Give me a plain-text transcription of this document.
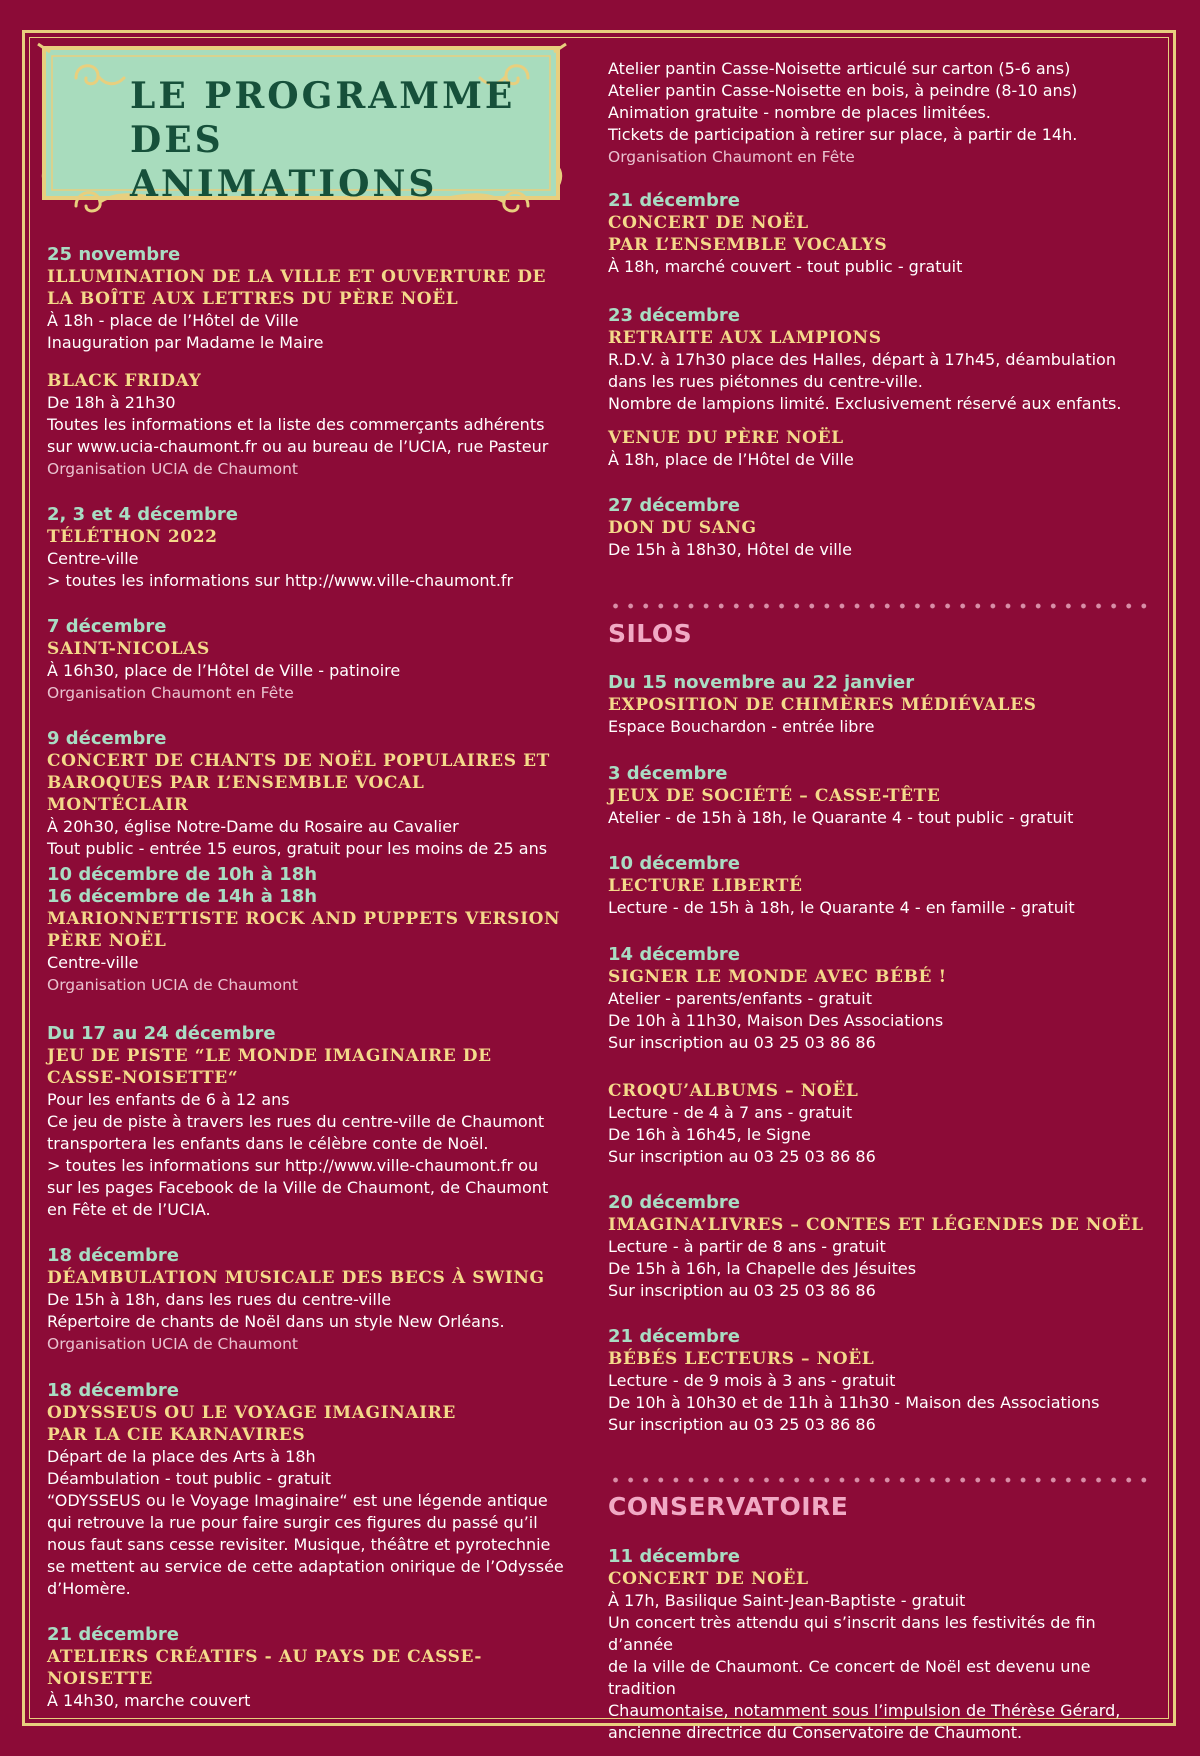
LE PROGRAMME
DES ANIMATIONS

25 novembre

ILLUMINATION DE LA VILLE ET OUVERTURE DE

LA BOÎTE AUX LETTRES DU PÈRE NOËL

À 18h - place de l’Hôtel de Ville

Inauguration par Madame le Maire

BLACK FRIDAY

De 18h à 21h30

Toutes les informations et la liste des commerçants adhérents

sur www.ucia-chaumont.fr ou au bureau de l’UCIA, rue Pasteur

Organisation UCIA de Chaumont

2, 3 et 4 décembre

TÉLÉTHON 2022

Centre-ville

> toutes les informations sur http://www.ville-chaumont.fr

7 décembre

SAINT-NICOLAS

À 16h30, place de l’Hôtel de Ville - patinoire

Organisation Chaumont en Fête

9 décembre

CONCERT DE CHANTS DE NOËL POPULAIRES ET

BAROQUES PAR L’ENSEMBLE VOCAL MONTÉCLAIR

À 20h30, église Notre-Dame du Rosaire au Cavalier

Tout public - entrée 15 euros, gratuit pour les moins de 25 ans

10 décembre de 10h à 18h

16 décembre de 14h à 18h

MARIONNETTISTE ROCK AND PUPPETS VERSION

PÈRE NOËL

Centre-ville

Organisation UCIA de Chaumont

Du 17 au 24 décembre

JEU DE PISTE “LE MONDE IMAGINAIRE DE

CASSE-NOISETTE“

Pour les enfants de 6 à 12 ans

Ce jeu de piste à travers les rues du centre-ville de Chaumont

transportera les enfants dans le célèbre conte de Noël.

> toutes les informations sur http://www.ville-chaumont.fr ou

sur les pages Facebook de la Ville de Chaumont, de Chaumont

en Fête et de l’UCIA.

18 décembre

DÉAMBULATION MUSICALE DES BECS À SWING

De 15h à 18h, dans les rues du centre-ville

Répertoire de chants de Noël dans un style New Orléans.

Organisation UCIA de Chaumont

18 décembre

ODYSSEUS OU LE VOYAGE IMAGINAIRE

PAR LA CIE KARNAVIRES

Départ de la place des Arts à 18h

Déambulation - tout public - gratuit

“ODYSSEUS ou le Voyage Imaginaire“ est une légende antique

qui retrouve la rue pour faire surgir ces figures du passé qu’il

nous faut sans cesse revisiter. Musique, théâtre et pyrotechnie

se mettent au service de cette adaptation onirique de l’Odyssée

d’Homère.

21 décembre

ATELIERS CRÉATIFS - AU PAYS DE CASSE-NOISETTE

À 14h30, marche couvert

Atelier pantin Casse-Noisette articulé sur carton (5-6 ans)

Atelier pantin Casse-Noisette en bois, à peindre (8-10 ans)

Animation gratuite - nombre de places limitées.

Tickets de participation à retirer sur place, à partir de 14h.

Organisation Chaumont en Fête

21 décembre

CONCERT DE NOËL

PAR L’ENSEMBLE VOCALYS

À 18h, marché couvert - tout public - gratuit

23 décembre

RETRAITE AUX LAMPIONS

R.D.V. à 17h30 place des Halles, départ à 17h45, déambulation

dans les rues piétonnes du centre-ville.

Nombre de lampions limité. Exclusivement réservé aux enfants.

VENUE DU PÈRE NOËL

À 18h, place de l’Hôtel de Ville

27 décembre

DON DU SANG

De 15h à 18h30, Hôtel de ville

SILOS

Du 15 novembre au 22 janvier

EXPOSITION DE CHIMÈRES MÉDIÉVALES

Espace Bouchardon - entrée libre

3 décembre

JEUX DE SOCIÉTÉ – CASSE-TÊTE

Atelier - de 15h à 18h, le Quarante 4 - tout public - gratuit

10 décembre

LECTURE LIBERTÉ

Lecture - de 15h à 18h, le Quarante 4 - en famille - gratuit

14 décembre

SIGNER LE MONDE AVEC BÉBÉ !

Atelier - parents/enfants - gratuit

De 10h à 11h30, Maison Des Associations

Sur inscription au 03 25 03 86 86

CROQU’ALBUMS – NOËL

Lecture - de 4 à 7 ans - gratuit

De 16h à 16h45, le Signe

Sur inscription au 03 25 03 86 86

20 décembre

IMAGINA’LIVRES – CONTES ET LÉGENDES DE NOËL

Lecture - à partir de 8 ans - gratuit

De 15h à 16h, la Chapelle des Jésuites

Sur inscription au 03 25 03 86 86

21 décembre

BÉBÉS LECTEURS – NOËL

Lecture - de 9 mois à 3 ans - gratuit

De 10h à 10h30 et de 11h à 11h30 - Maison des Associations

Sur inscription au 03 25 03 86 86

CONSERVATOIRE

11 décembre

CONCERT DE NOËL

À 17h, Basilique Saint-Jean-Baptiste - gratuit

Un concert très attendu qui s’inscrit dans les festivités de fin d’année

de la ville de Chaumont. Ce concert de Noël est devenu une tradition

Chaumontaise, notamment sous l’impulsion de Thérèse Gérard,

ancienne directrice du Conservatoire de Chaumont.
